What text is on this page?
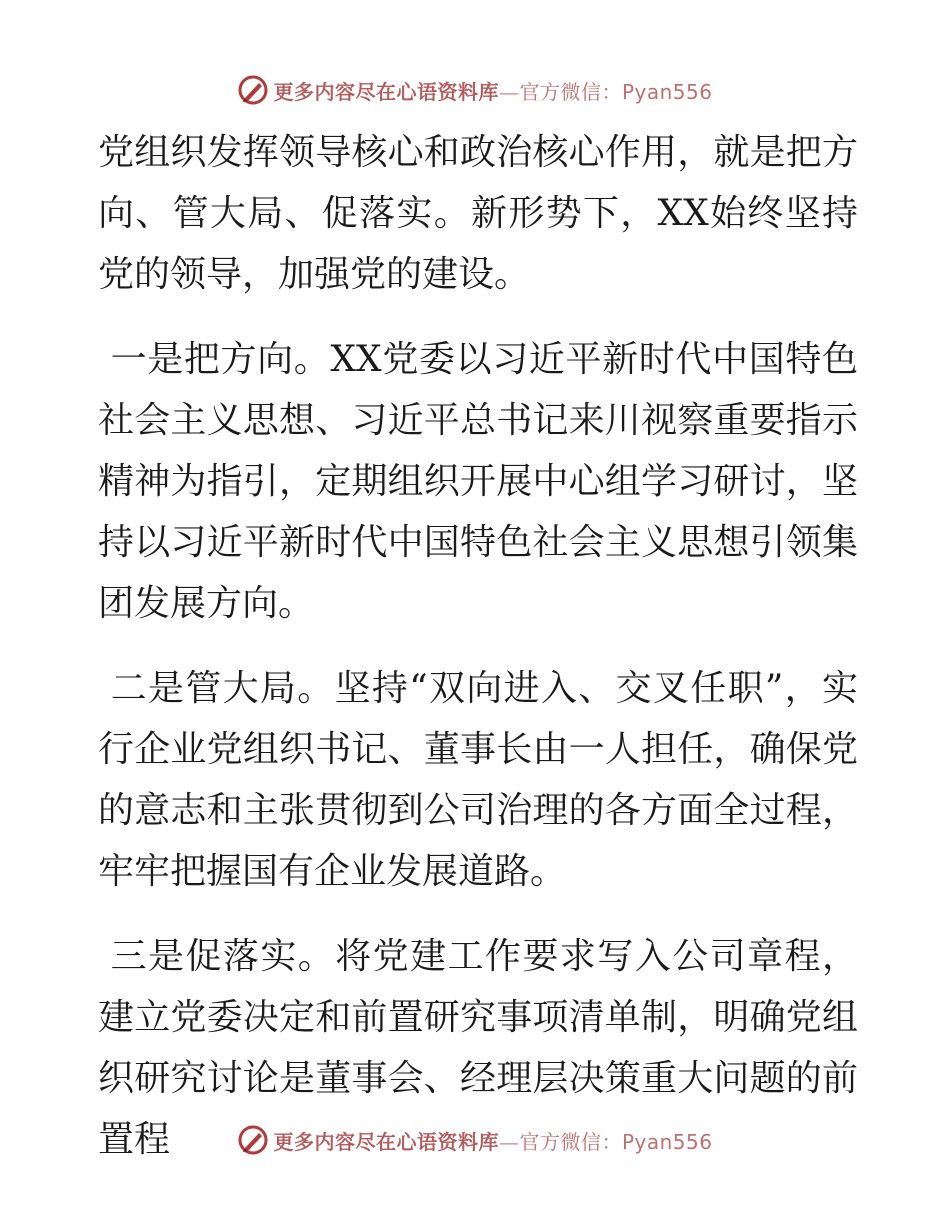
更多内容尽在心语资料库—官方微信：Pyan556

党组织发挥领导核心和政治核心作用，就是把方向、管大局、促落实。新形势下，XX始终坚持党的领导，加强党的建设。

一是把方向。XX党委以习近平新时代中国特色社会主义思想、习近平总书记来川视察重要指示精神为指引，定期组织开展中心组学习研讨，坚持以习近平新时代中国特色社会主义思想引领集团发展方向。

二是管大局。坚持“双向进入、交叉任职”，实行企业党组织书记、董事长由一人担任，确保党的意志和主张贯彻到公司治理的各方面全过程，牢牢把握国有企业发展道路。

三是促落实。将党建工作要求写入公司章程，建立党委决定和前置研究事项清单制，明确党组织研究讨论是董事会、经理层决策重大问题的前置程	更多内容尽在心语资料库—官方微信：Pyan556
